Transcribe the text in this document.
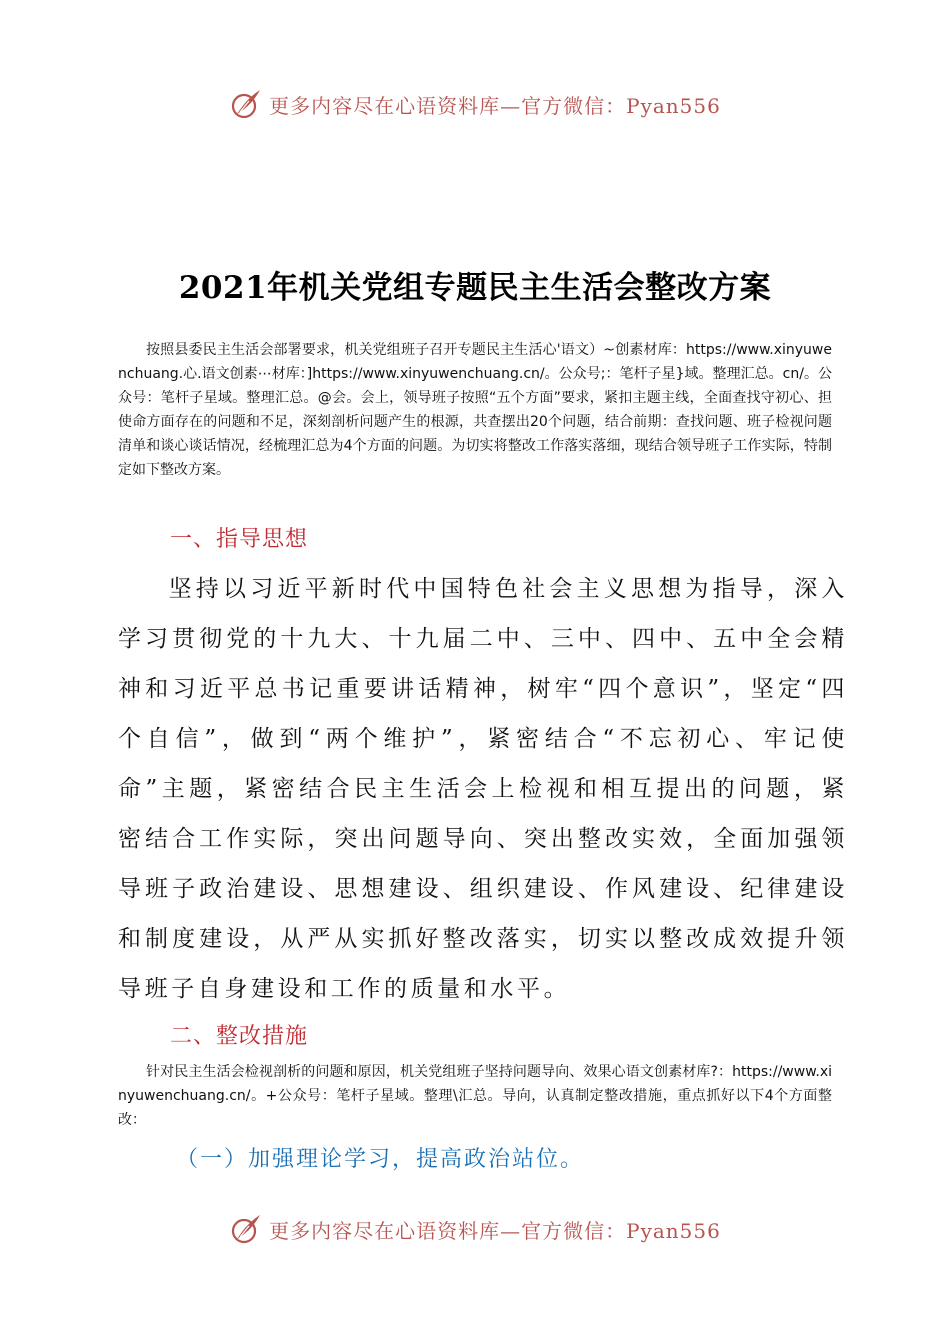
更多内容尽在心语资料库—官方微信：Pyan556
2021年机关党组专题民主生活会整改方案

按照县委民主生活会部署要求，机关党组班子召开专题民主生活心'语文）~创素材库：https://www.xinyuwenchuang.心.语文创素⋯材库：]https://www.xinyuwenchuang.cn/。公众号;：笔杆子星}域。整理汇总。cn/。公众号：笔杆子星域。整理汇总。@会。会上，领导班子按照“五个方面”要求，紧扣主题主线，全面查找守初心、担使命方面存在的问题和不足，深刻剖析问题产生的根源，共查摆出20个问题，结合前期：查找问题、班子检视问题清单和谈心谈话情况，经梳理汇总为4个方面的问题。为切实将整改工作落实落细，现结合领导班子工作实际，特制定如下整改方案。

一、指导思想

坚持以习近平新时代中国特色社会主义思想为指导，深入学习贯彻党的十九大、十九届二中、三中、四中、五中全会精神和习近平总书记重要讲话精神，树牢“四个意识”，坚定“四个自信”，做到“两个维护”，紧密结合“不忘初心、牢记使命”主题，紧密结合民主生活会上检视和相互提出的问题，紧密结合工作实际，突出问题导向、突出整改实效，全面加强领导班子政治建设、思想建设、组织建设、作风建设、纪律建设和制度建设，从严从实抓好整改落实，切实以整改成效提升领导班子自身建设和工作的质量和水平。

二、整改措施

针对民主生活会检视剖析的问题和原因，机关党组班子坚持问题导向、效果心语文创素材库?：https://www.xinyuwenchuang.cn/。+公众号：笔杆子星域。整理\汇总。导向，认真制定整改措施，重点抓好以下4个方面整改：

（一）加强理论学习，提高政治站位。
更多内容尽在心语资料库—官方微信：Pyan556
